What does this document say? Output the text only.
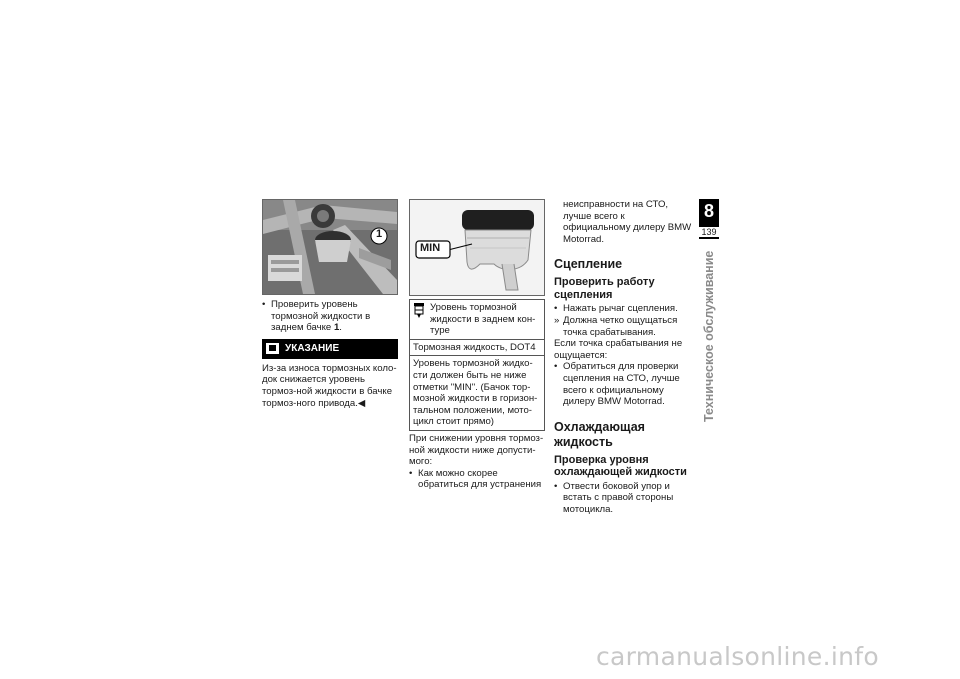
1

• Проверить уровень тормозной жидкости в заднем бачке 1.

УКАЗАНИЕ

Из-за износа тормозных коло-док снижается уровень тормоз-ной жидкости в бачке тормоз-ного привода.◀

MIN
Уровень тормозной жидкости в заднем кон-туре
Тормозная жидкость, DOT4
Уровень тормозной жидко-сти должен быть не ниже отметки "MIN". (Бачок тор-мозной жидкости в горизон-тальном положении, мото-цикл стоит прямо)

При снижении уровня тормоз-ной жидкости ниже допусти-мого:

• Как можно скорее обратиться для устранения

неисправности на СТО, лучше всего к официальному дилеру BMW Motorrad.

Сцепление
Проверить работу сцепления

• Нажать рычаг сцепления.

» Должна четко ощущаться точка срабатывания.

Если точка срабатывания не ощущается:

• Обратиться для проверки сцепления на СТО, лучше всего к официальному дилеру BMW Motorrad.

Охлаждающая жидкость
Проверка уровня охлаждающей жидкости

• Отвести боковой упор и встать с правой стороны мотоцикла.

8
139
Техническое обслуживание
carmanualsonline.info
